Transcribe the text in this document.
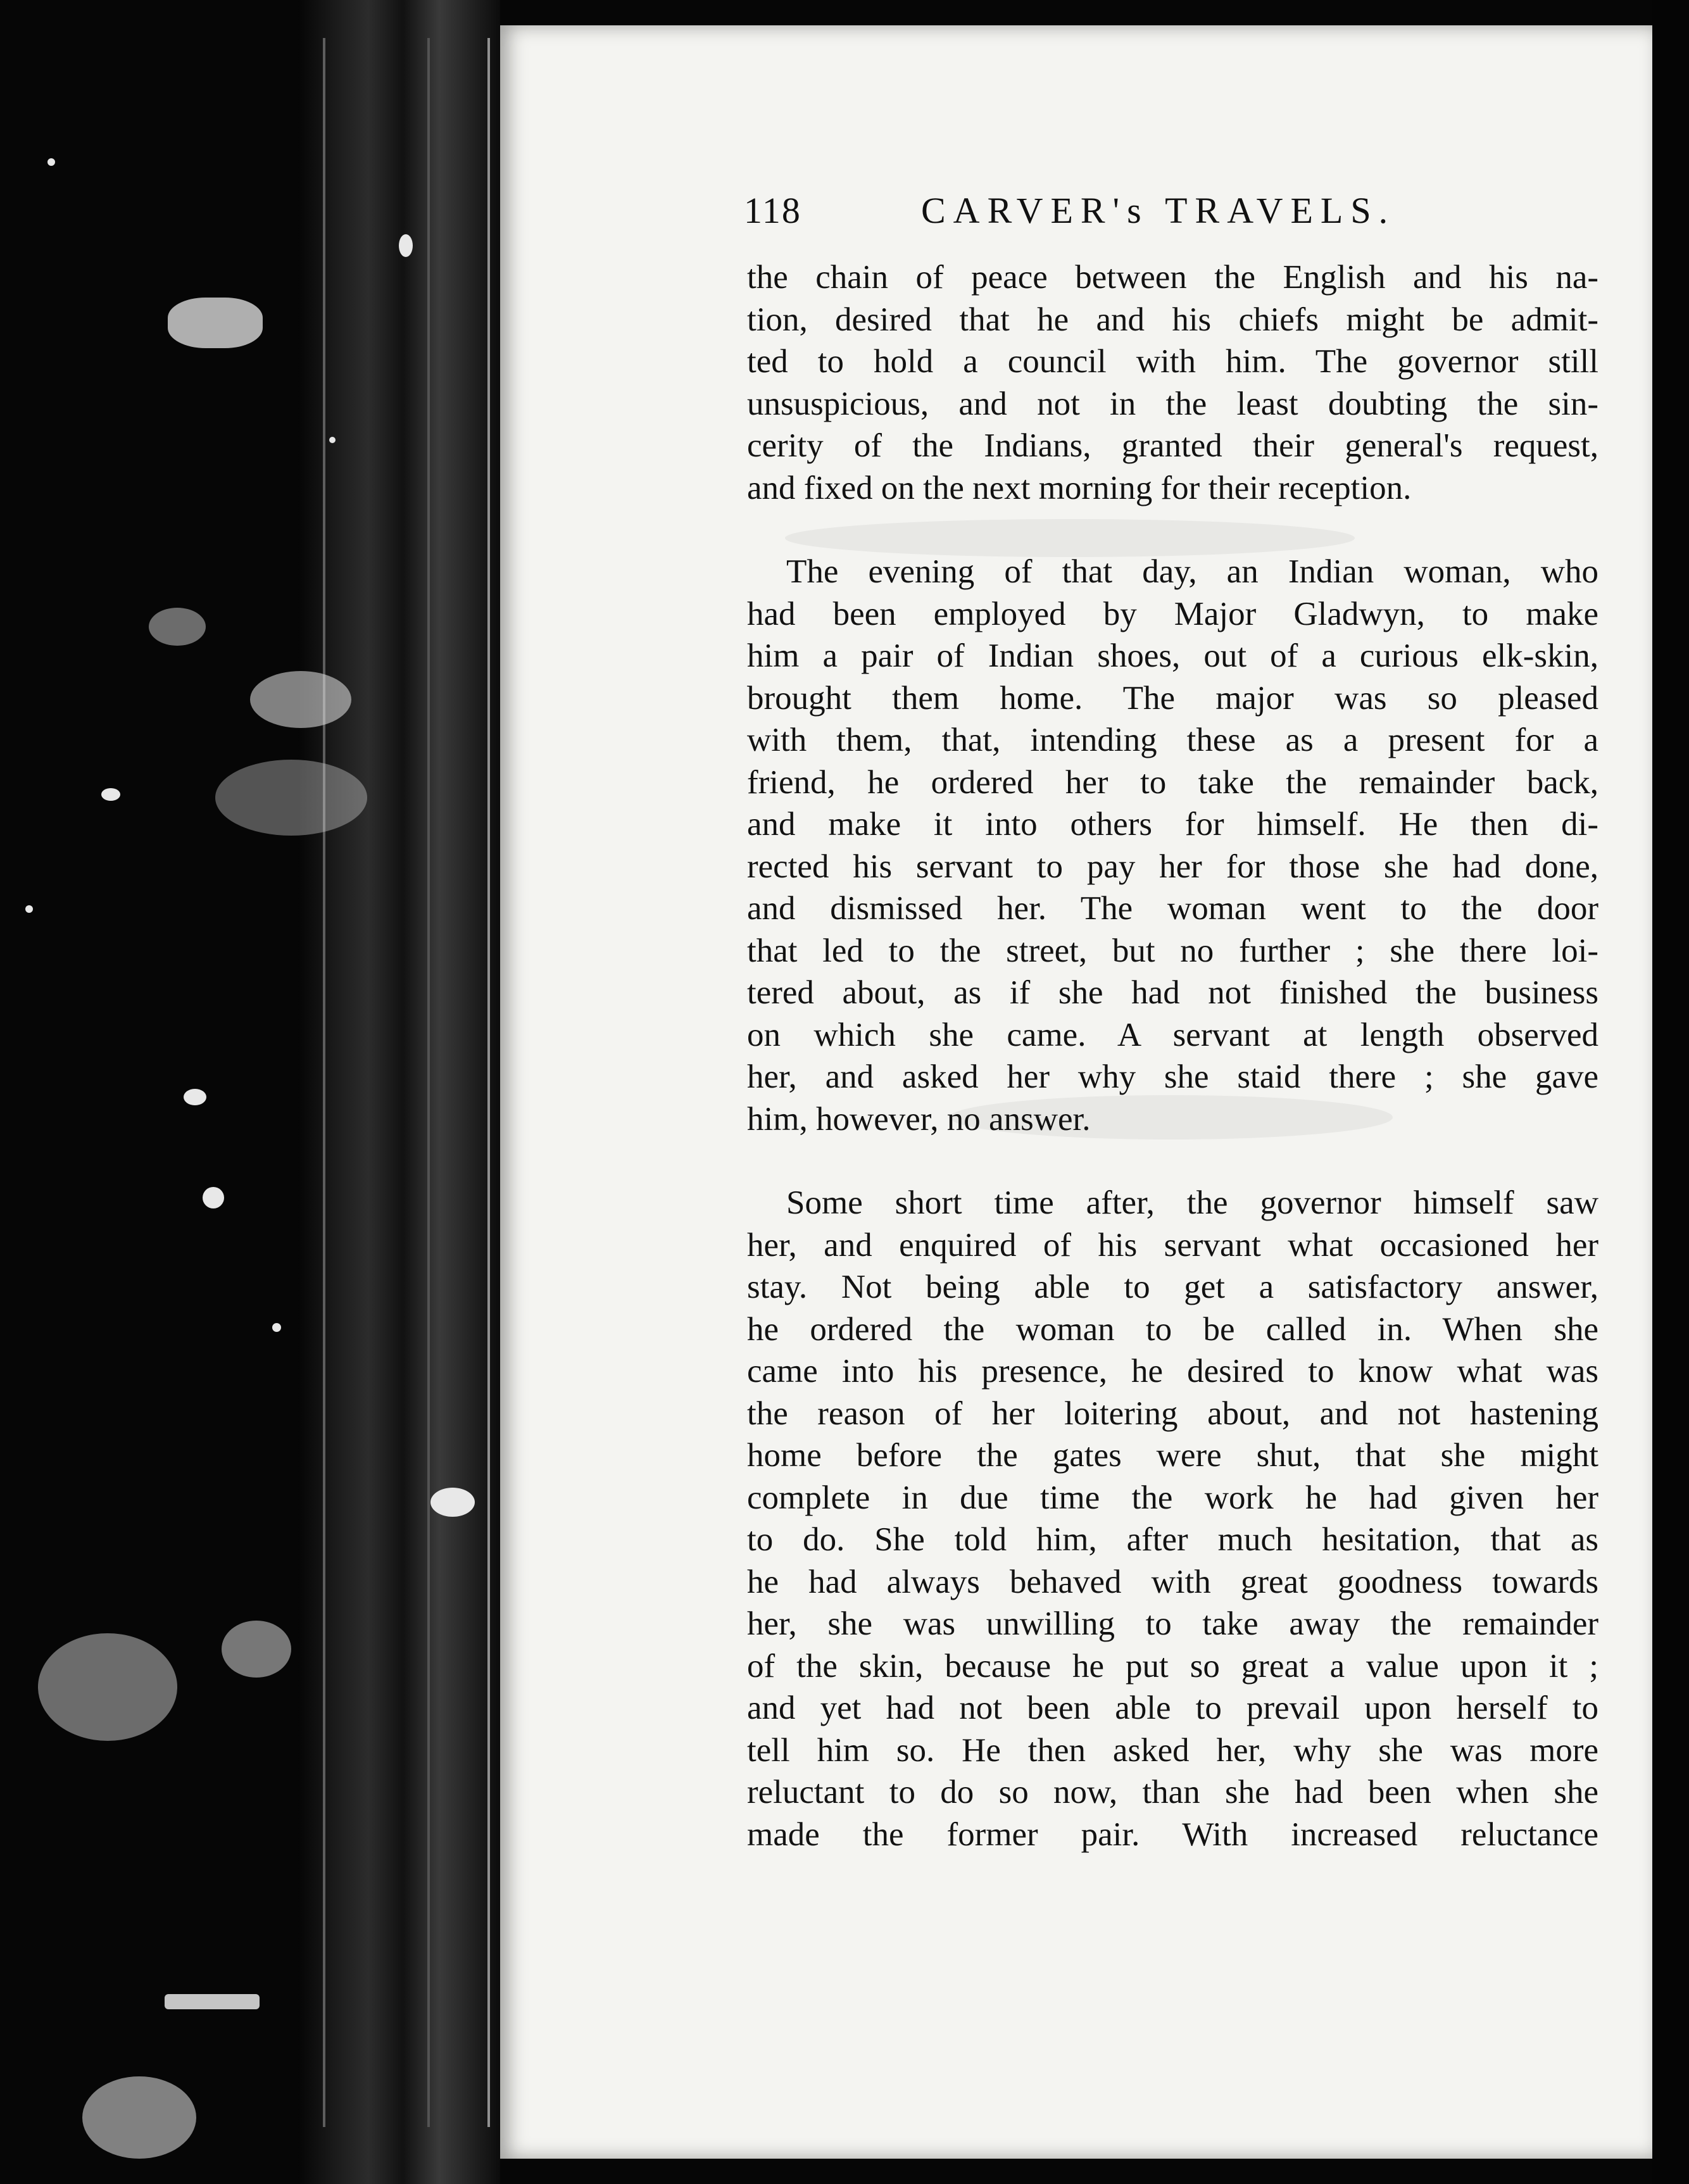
118	CARVER's TRAVELS.
the chain of peace between the English and his na-
tion, desired that he and his chiefs might be admit-
ted to hold a council with him. The governor still
unsuspicious, and not in the least doubting the sin-
cerity of the Indians, granted their general's request,
and fixed on the next morning for their reception.
The evening of that day, an Indian woman, who
had been employed by Major Gladwyn, to make
him a pair of Indian shoes, out of a curious elk-skin,
brought them home. The major was so pleased
with them, that, intending these as a present for a
friend, he ordered her to take the remainder back,
and make it into others for himself. He then di-
rected his servant to pay her for those she had done,
and dismissed her. The woman went to the door
that led to the street, but no further ; she there loi-
tered about, as if she had not finished the business
on which she came. A servant at length observed
her, and asked her why she staid there ; she gave
him, however, no answer.
Some short time after, the governor himself saw
her, and enquired of his servant what occasioned her
stay. Not being able to get a satisfactory answer,
he ordered the woman to be called in. When she
came into his presence, he desired to know what was
the reason of her loitering about, and not hastening
home before the gates were shut, that she might
complete in due time the work he had given her
to do. She told him, after much hesitation, that as
he had always behaved with great goodness towards
her, she was unwilling to take away the remainder
of the skin, because he put so great a value upon it ;
and yet had not been able to prevail upon herself to
tell him so. He then asked her, why she was more
reluctant to do so now, than she had been when she
made the former pair. With increased reluctance
